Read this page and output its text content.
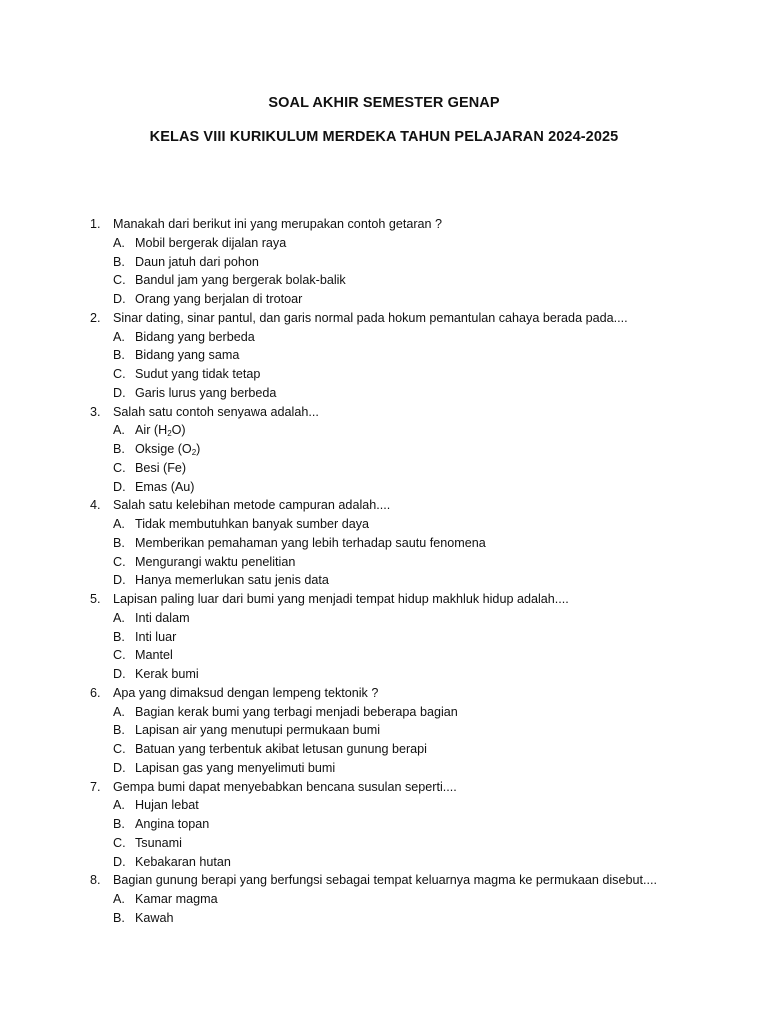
SOAL AKHIR SEMESTER GENAP
KELAS VIII KURIKULUM MERDEKA TAHUN PELAJARAN 2024-2025
1. Manakah dari berikut ini yang merupakan contoh getaran ?
A. Mobil bergerak dijalan raya
B. Daun jatuh dari pohon
C. Bandul jam yang bergerak bolak-balik
D. Orang yang berjalan di trotoar
2. Sinar dating, sinar pantul, dan garis normal pada hokum pemantulan cahaya berada pada....
A. Bidang yang berbeda
B. Bidang yang sama
C. Sudut yang tidak tetap
D. Garis lurus yang berbeda
3. Salah satu contoh senyawa adalah...
A. Air $(H_2O)$
B. Oksige $(O_2)$
C. Besi (Fe)
D. Emas (Au)
4. Salah satu kelebihan metode campuran adalah....
A. Tidak membutuhkan banyak sumber daya
B. Memberikan pemahaman yang lebih terhadap sautu fenomena
C. Mengurangi waktu penelitian
D. Hanya memerlukan satu jenis data
5. Lapisan paling luar dari bumi yang menjadi tempat hidup makhluk hidup adalah....
A. Inti dalam
B. Inti luar
C. Mantel
D. Kerak bumi
6. Apa yang dimaksud dengan lempeng tektonik ?
A. Bagian kerak bumi yang terbagi menjadi beberapa bagian
B. Lapisan air yang menutupi permukaan bumi
C. Batuan yang terbentuk akibat letusan gunung berapi
D. Lapisan gas yang menyelimuti bumi
7. Gempa bumi dapat menyebabkan bencana susulan seperti....
A. Hujan lebat
B. Angina topan
C. Tsunami
D. Kebakaran hutan
8. Bagian gunung berapi yang berfungsi sebagai tempat keluarnya magma ke permukaan disebut....
A. Kamar magma
B. Kawah
